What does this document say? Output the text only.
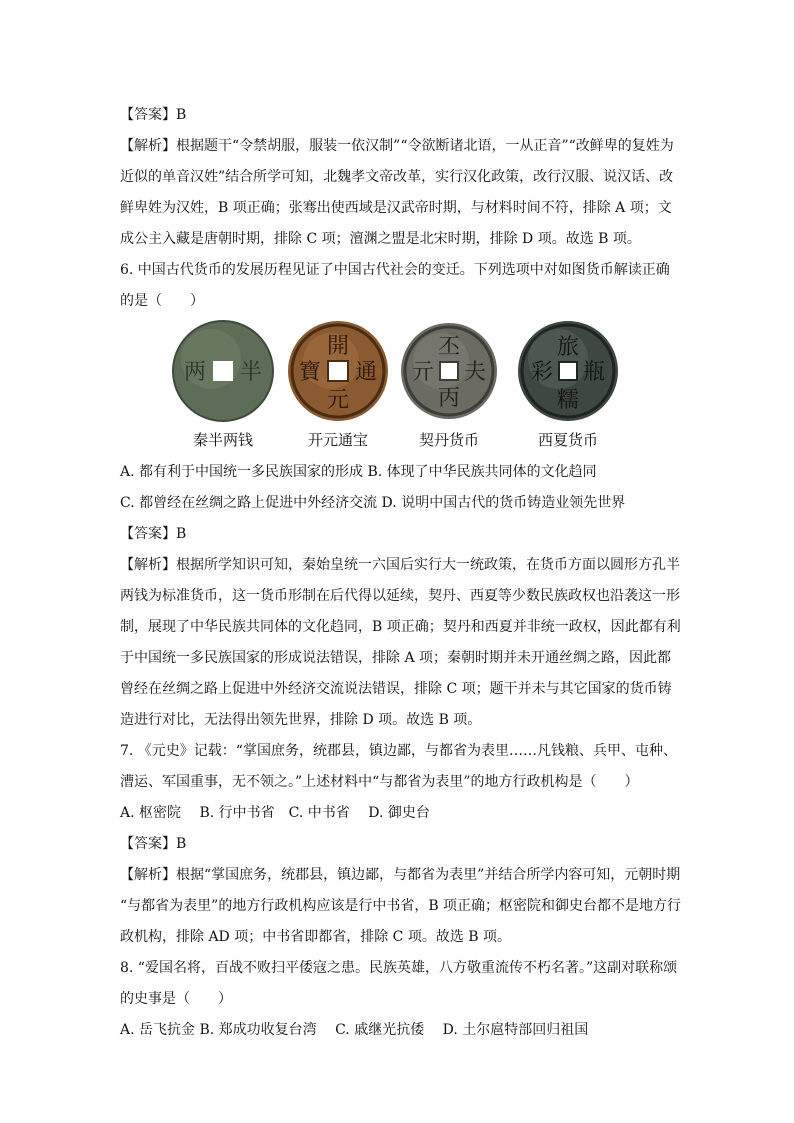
【答案】B

【解析】根据题干“令禁胡服，服装一依汉制”“令欲断诸北语，一从正音”“改鲜卑的复姓为

近似的单音汉姓”结合所学可知，北魏孝文帝改革，实行汉化政策，改行汉服、说汉话、改

鲜卑姓为汉姓，B 项正确；张骞出使西域是汉武帝时期，与材料时间不符，排除 A 项；文

成公主入藏是唐朝时期，排除 C 项；澶渊之盟是北宋时期，排除 D 项。故选 B 项。

6. 中国古代货币的发展历程见证了中国古代社会的变迁。下列选项中对如图货币解读正确

的是（　　）

两 半
秦半两钱
開
元
通
寶
开元通宝
丕
夫
丙
亓
契丹货币
旅
彩 瓶
糯
西夏货币

A. 都有利于中国统一多民族国家的形成 B. 体现了中华民族共同体的文化趋同

C. 都曾经在丝绸之路上促进中外经济交流 D. 说明中国古代的货币铸造业领先世界

【答案】B

【解析】根据所学知识可知，秦始皇统一六国后实行大一统政策，在货币方面以圆形方孔半

两钱为标准货币，这一货币形制在后代得以延续，契丹、西夏等少数民族政权也沿袭这一形

制，展现了中华民族共同体的文化趋同，B 项正确；契丹和西夏并非统一政权，因此都有利

于中国统一多民族国家的形成说法错误，排除 A 项；秦朝时期并未开通丝绸之路，因此都

曾经在丝绸之路上促进中外经济交流说法错误，排除 C 项；题干并未与其它国家的货币铸

造进行对比，无法得出领先世界，排除 D 项。故选 B 项。

7. 《元史》记载：“掌国庶务，统郡县，镇边鄙，与都省为表里……凡钱粮、兵甲、屯种、

漕运、军国重事，无不领之。”上述材料中“与都省为表里”的地方行政机构是（　　）

A. 枢密院　 B. 行中书省　C. 中书省　 D. 御史台

【答案】B

【解析】根据“掌国庶务，统郡县，镇边鄙，与都省为表里”并结合所学内容可知，元朝时期

“与都省为表里”的地方行政机构应该是行中书省，B 项正确；枢密院和御史台都不是地方行

政机构，排除 AD 项；中书省即都省，排除 C 项。故选 B 项。

8. “爱国名将，百战不败扫平倭寇之患。民族英雄，八方敬重流传不朽名著。”这副对联称颂

的史事是（　　）

A. 岳飞抗金 B. 郑成功收复台湾　 C. 戚继光抗倭　 D. 土尔扈特部回归祖国
